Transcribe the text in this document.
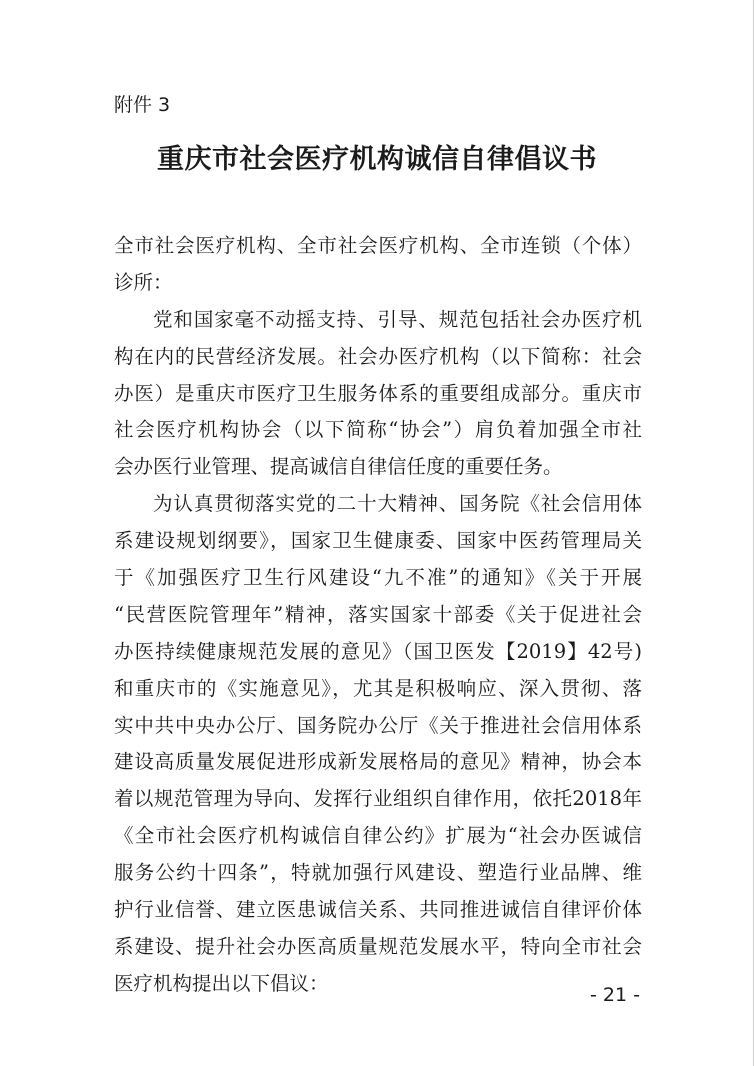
附件 3
重庆市社会医疗机构诚信自律倡议书
全市社会医疗机构、全市社会医疗机构、全市连锁（个体）
诊所：
党和国家毫不动摇支持、引导、规范包括社会办医疗机
构在内的民营经济发展。社会办医疗机构（以下简称：社会
办医）是重庆市医疗卫生服务体系的重要组成部分。重庆市
社会医疗机构协会（以下简称“协会”）肩负着加强全市社
会办医行业管理、提高诚信自律信任度的重要任务。
为认真贯彻落实党的二十大精神、国务院《社会信用体
系建设规划纲要》，国家卫生健康委、国家中医药管理局关
于《加强医疗卫生行风建设“九不准”的通知》《关于开展
“民营医院管理年”精神，落实国家十部委《关于促进社会
办医持续健康规范发展的意见》（国卫医发【2019】42号)
和重庆市的《实施意见》，尤其是积极响应、深入贯彻、落
实中共中央办公厅、国务院办公厅《关于推进社会信用体系
建设高质量发展促进形成新发展格局的意见》精神，协会本
着以规范管理为导向、发挥行业组织自律作用，依托2018年
《全市社会医疗机构诚信自律公约》扩展为“社会办医诚信
服务公约十四条”，特就加强行风建设、塑造行业品牌、维
护行业信誉、建立医患诚信关系、共同推进诚信自律评价体
系建设、提升社会办医高质量规范发展水平，特向全市社会
医疗机构提出以下倡议：
- 21 -
